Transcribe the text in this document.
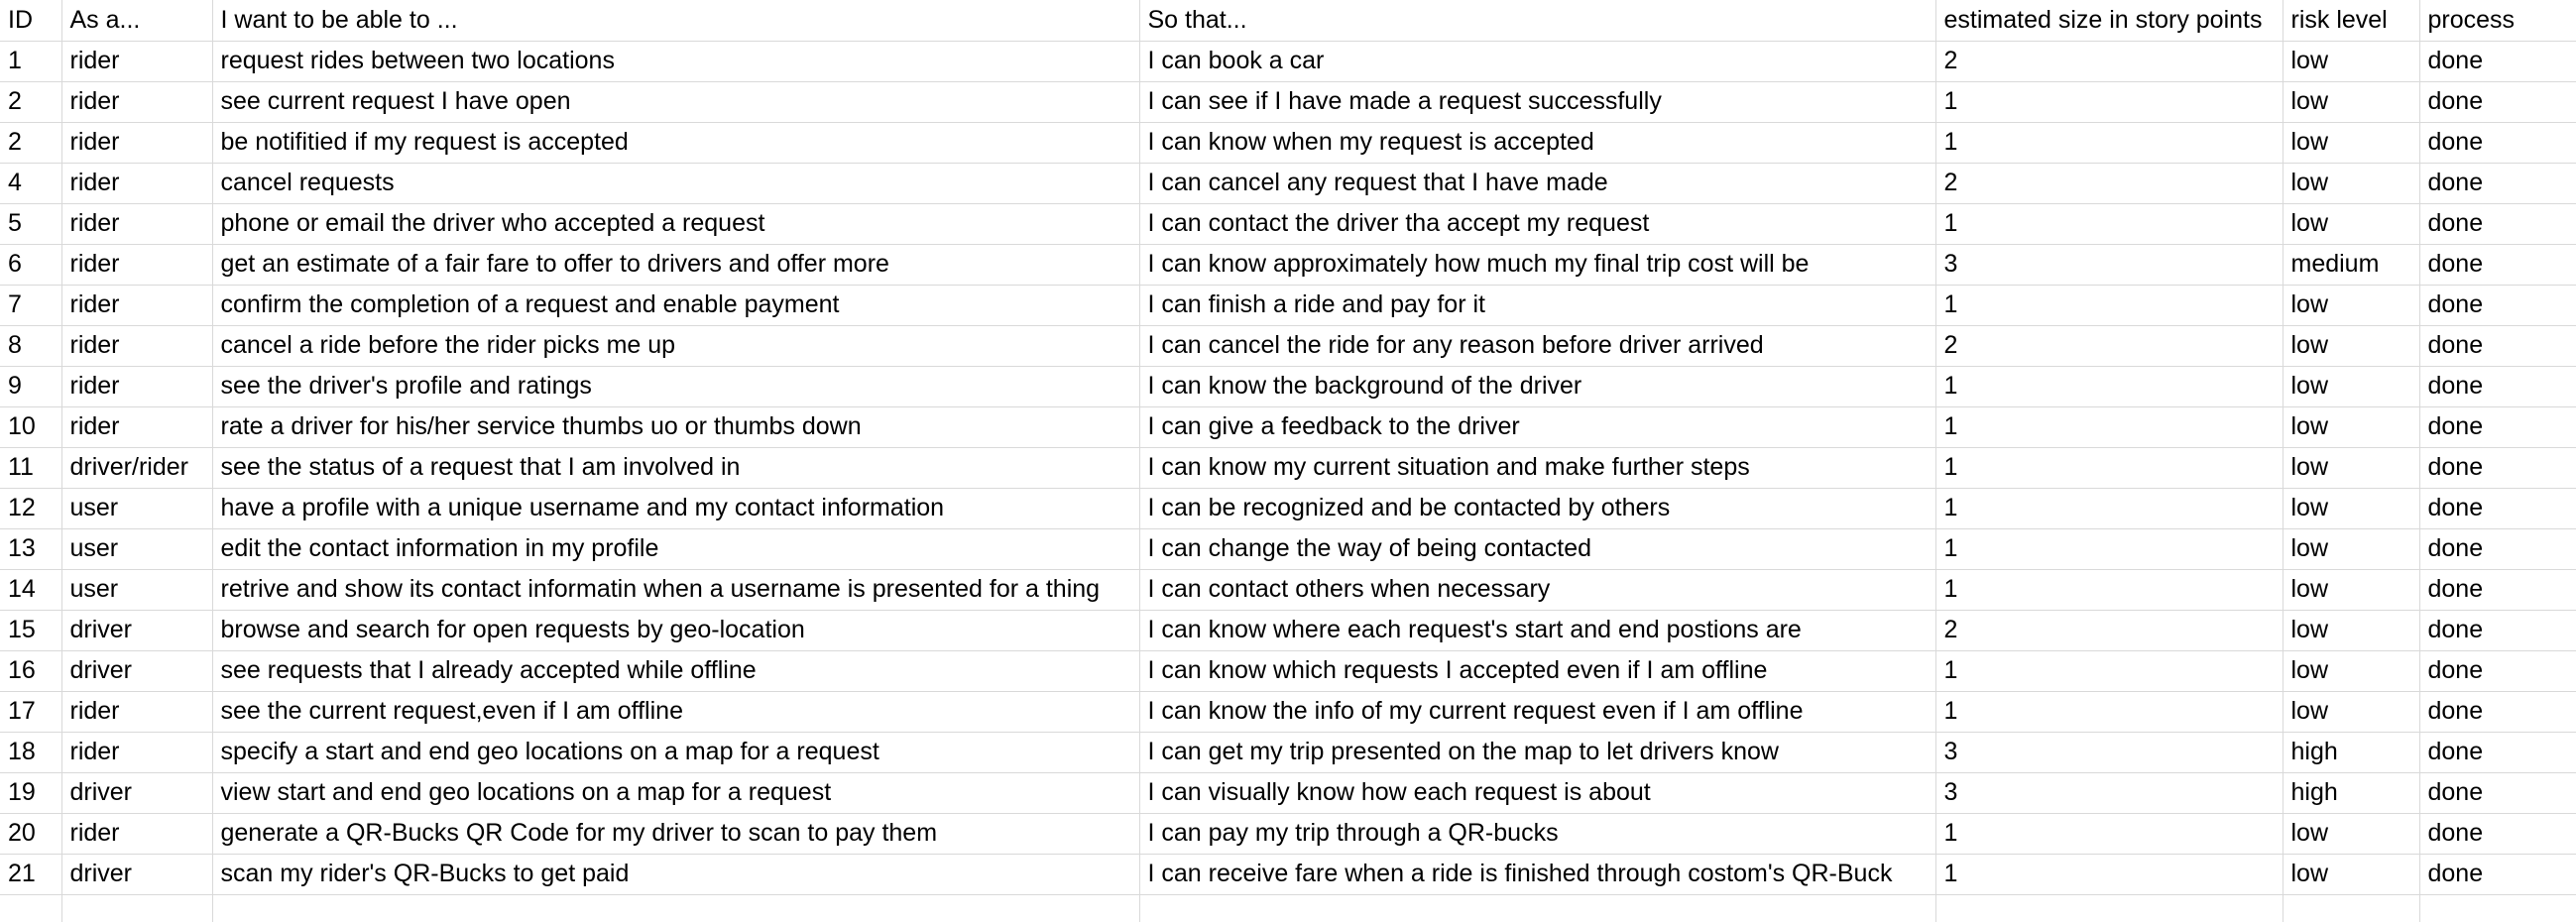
ID	As a...	I want to be able to ...	So that...	estimated size in story points	risk level	process
1	rider	request rides between two locations	I can book a car	2	low	done
2	rider	see current request I have open	I can see if I have made a request successfully	1	low	done
2	rider	be notifitied if my request is accepted	I can know when my request is accepted	1	low	done
4	rider	cancel requests	I can cancel any request that I have made	2	low	done
5	rider	phone or email the driver who accepted a request	I can contact the driver tha accept my request	1	low	done
6	rider	get an estimate of a fair fare to offer to drivers and offer more	I can know approximately how much my final trip cost will be	3	medium	done
7	rider	confirm the completion of a request and enable payment	I can finish a ride and pay for it	1	low	done
8	rider	cancel a ride before the rider picks me up	I can cancel the ride for any reason before driver arrived	2	low	done
9	rider	see the driver's profile and ratings	I can know the background of the driver	1	low	done
10	rider	rate a driver for his/her service thumbs uo or thumbs down	I can give a feedback to the driver	1	low	done
11	driver/rider	see the status of a request that I am involved in	I can know my current situation and make further steps	1	low	done
12	user	have a profile with a unique username and my contact information	I can be recognized and be contacted by others	1	low	done
13	user	edit the contact information in my profile	I can change the way of being contacted	1	low	done
14	user	retrive and show its contact informatin when a username is presented for a thing	I can contact others when necessary	1	low	done
15	driver	browse and search for open requests by geo-location	I can know where each request's start and end postions are	2	low	done
16	driver	see requests that I already accepted while offline	I can know which requests I accepted even if I am offline	1	low	done
17	rider	see the current request,even if I am offline	I can know the info of my current request even if I am offline	1	low	done
18	rider	specify a start and end geo locations on a map for a request	I can get my trip presented on the map to let drivers know	3	high	done
19	driver	view start and end geo locations on a map for a request	I can visually know how each request is about	3	high	done
20	rider	generate a QR-Bucks QR Code for my driver to scan to pay them	I can pay my trip through a QR-bucks	1	low	done
21	driver	scan my rider's QR-Bucks to get paid	I can receive fare when a ride is finished through costom's QR-Buck	1	low	done
